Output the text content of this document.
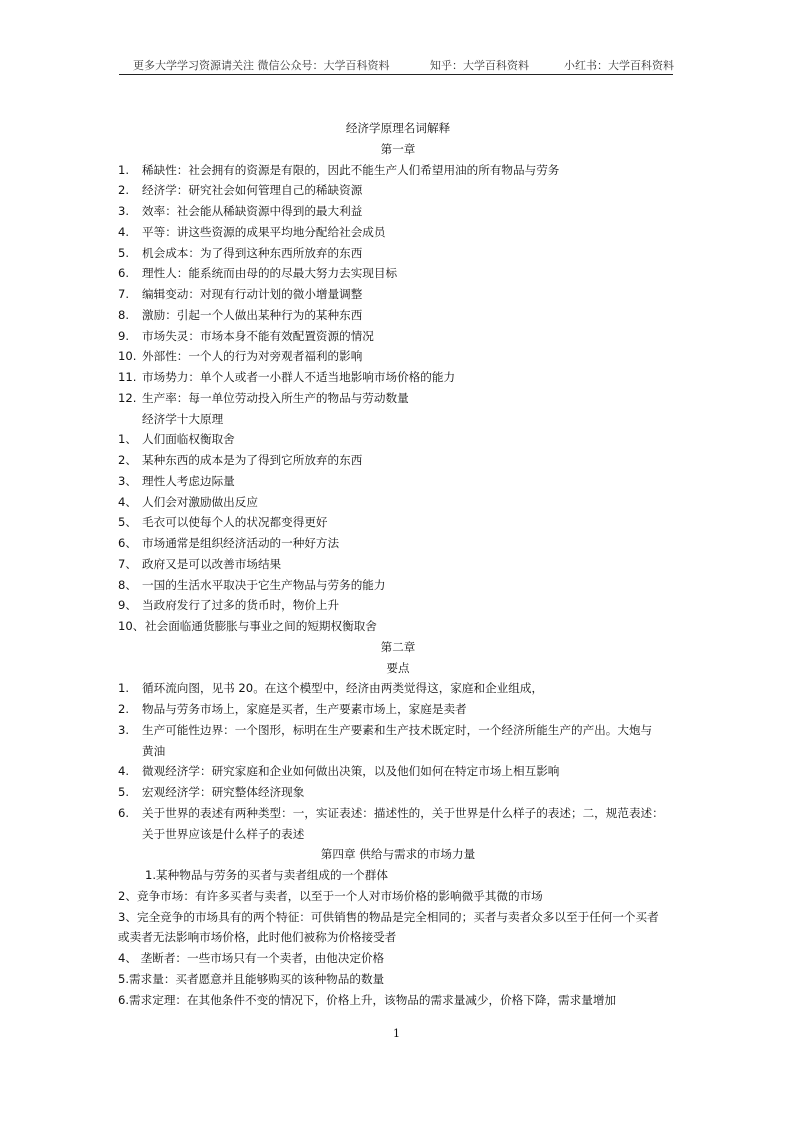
更多大学学习资源请关注 微信公众号：大学百科资料	知乎：大学百科资料	小红书：大学百科资料
经济学原理名词解释
第一章
1. 稀缺性：社会拥有的资源是有限的，因此不能生产人们希望用油的所有物品与劳务
2. 经济学：研究社会如何管理自己的稀缺资源
3. 效率：社会能从稀缺资源中得到的最大利益
4. 平等：讲这些资源的成果平均地分配给社会成员
5. 机会成本：为了得到这种东西所放弃的东西
6. 理性人：能系统而由母的的尽最大努力去实现目标
7. 编辑变动：对现有行动计划的微小增量调整
8. 激励：引起一个人做出某种行为的某种东西
9. 市场失灵：市场本身不能有效配置资源的情况
10. 外部性：一个人的行为对旁观者福利的影响
11. 市场势力：单个人或者一小群人不适当地影响市场价格的能力
12. 生产率：每一单位劳动投入所生产的物品与劳动数量
经济学十大原理
1、 人们面临权衡取舍
2、 某种东西的成本是为了得到它所放弃的东西
3、 理性人考虑边际量
4、 人们会对激励做出反应
5、 毛衣可以使每个人的状况都变得更好
6、 市场通常是组织经济活动的一种好方法
7、 政府又是可以改善市场结果
8、 一国的生活水平取决于它生产物品与劳务的能力
9、 当政府发行了过多的货币时，物价上升
10、 社会面临通货膨胀与事业之间的短期权衡取舍
第二章
要点
1. 循环流向图，见书 20。在这个模型中，经济由两类觉得这，家庭和企业组成，
2. 物品与劳务市场上，家庭是买者，生产要素市场上，家庭是卖者
3. 生产可能性边界：一个图形，标明在生产要素和生产技术既定时，一个经济所能生产的产出。大炮与
黄油
4. 微观经济学：研究家庭和企业如何做出决策，以及他们如何在特定市场上相互影响
5. 宏观经济学：研究整体经济现象
6. 关于世界的表述有两种类型：一，实证表述：描述性的，关于世界是什么样子的表述；二，规范表述：
关于世界应该是什么样子的表述
第四章 供给与需求的市场力量
1.某种物品与劳务的买者与卖者组成的一个群体
2、竞争市场：有许多买者与卖者，以至于一个人对市场价格的影响微乎其微的市场
3、完全竞争的市场具有的两个特征：可供销售的物品是完全相同的；买者与卖者众多以至于任何一个买者
或卖者无法影响市场价格，此时他们被称为价格接受者
4、 垄断者：一些市场只有一个卖者，由他决定价格
5.需求量：买者愿意并且能够购买的该种物品的数量
6.需求定理：在其他条件不变的情况下，价格上升，该物品的需求量减少，价格下降，需求量增加
1
